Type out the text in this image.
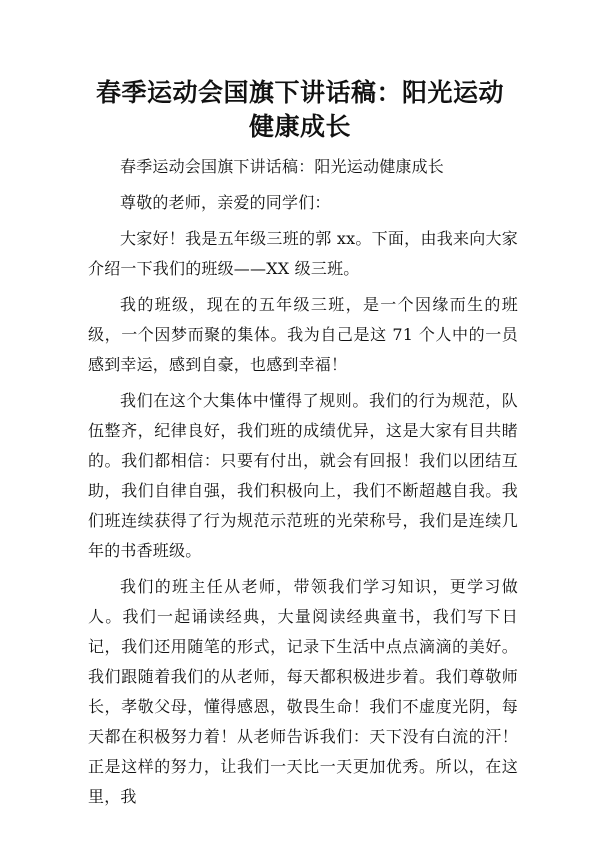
春季运动会国旗下讲话稿：阳光运动 健康成长

春季运动会国旗下讲话稿：阳光运动健康成长

尊敬的老师，亲爱的同学们：

大家好！我是五年级三班的郭 xx。下面，由我来向大家介绍一下我们的班级——XX 级三班。

我的班级，现在的五年级三班，是一个因缘而生的班级，一个因梦而聚的集体。我为自己是这 71 个人中的一员感到幸运，感到自豪，也感到幸福！

我们在这个大集体中懂得了规则。我们的行为规范，队伍整齐，纪律良好，我们班的成绩优异，这是大家有目共睹的。我们都相信：只要有付出，就会有回报！我们以团结互助，我们自律自强，我们积极向上，我们不断超越自我。我们班连续获得了行为规范示范班的光荣称号，我们是连续几年的书香班级。

我们的班主任从老师，带领我们学习知识，更学习做人。我们一起诵读经典，大量阅读经典童书，我们写下日记，我们还用随笔的形式，记录下生活中点点滴滴的美好。我们跟随着我们的从老师，每天都积极进步着。我们尊敬师长，孝敬父母，懂得感恩，敬畏生命！我们不虚度光阴，每天都在积极努力着！从老师告诉我们：天下没有白流的汗！正是这样的努力，让我们一天比一天更加优秀。所以，在这里，我
